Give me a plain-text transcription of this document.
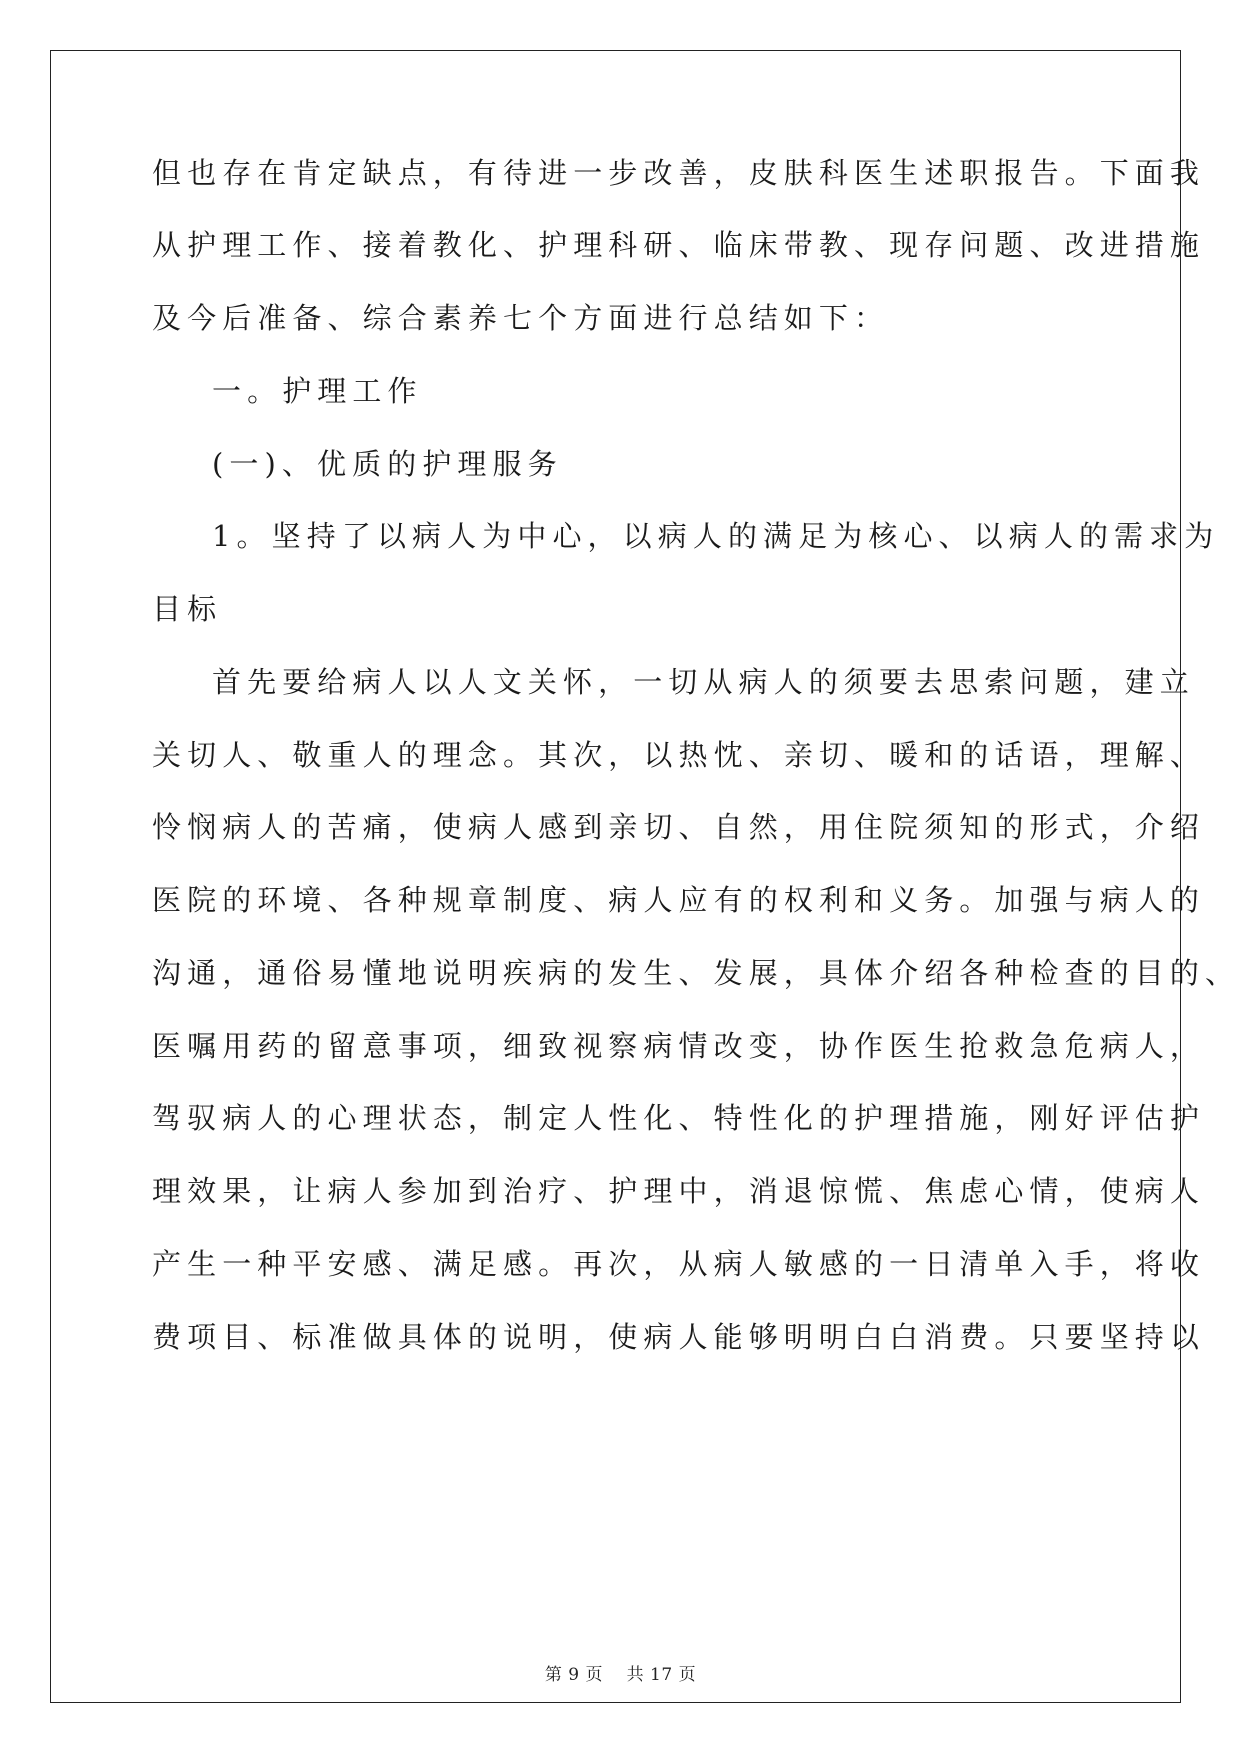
但也存在肯定缺点，有待进一步改善，皮肤科医生述职报告。下面我
从护理工作、接着教化、护理科研、临床带教、现存问题、改进措施
及今后准备、综合素养七个方面进行总结如下：
一。护理工作
(一)、优质的护理服务
1。坚持了以病人为中心，以病人的满足为核心、以病人的需求为
目标
首先要给病人以人文关怀，一切从病人的须要去思索问题，建立
关切人、敬重人的理念。其次，以热忱、亲切、暖和的话语，理解、
怜悯病人的苦痛，使病人感到亲切、自然，用住院须知的形式，介绍
医院的环境、各种规章制度、病人应有的权利和义务。加强与病人的
沟通，通俗易懂地说明疾病的发生、发展，具体介绍各种检查的目的、
医嘱用药的留意事项，细致视察病情改变，协作医生抢救急危病人，
驾驭病人的心理状态，制定人性化、特性化的护理措施，刚好评估护
理效果，让病人参加到治疗、护理中，消退惊慌、焦虑心情，使病人
产生一种平安感、满足感。再次，从病人敏感的一日清单入手，将收
费项目、标准做具体的说明，使病人能够明明白白消费。只要坚持以
第 9 页 共 17 页
